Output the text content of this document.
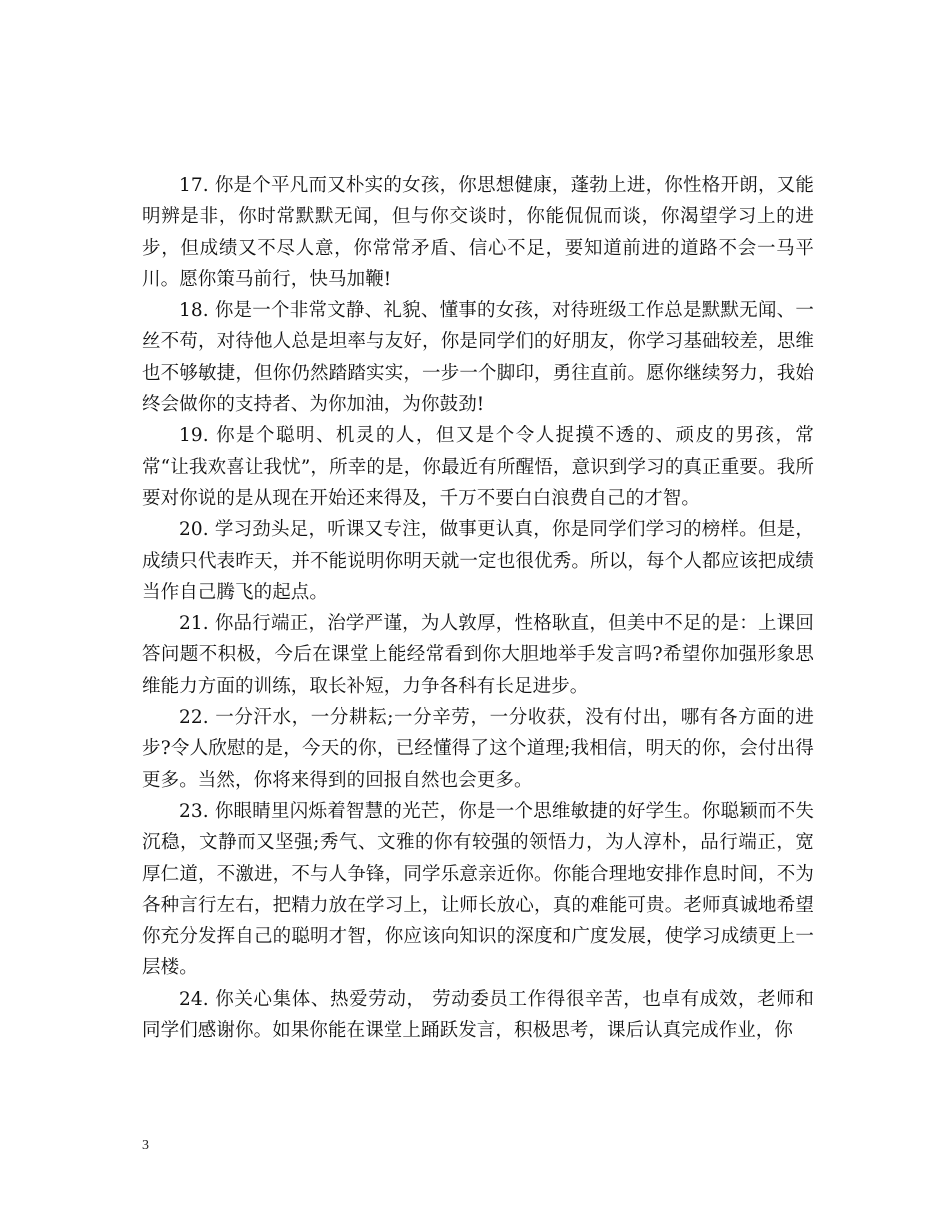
17. 你是个平凡而又朴实的女孩，你思想健康，蓬勃上进，你性格开朗，又能明辨是非，你时常默默无闻，但与你交谈时，你能侃侃而谈，你渴望学习上的进步，但成绩又不尽人意，你常常矛盾、信心不足，要知道前进的道路不会一马平川。愿你策马前行，快马加鞭!

18. 你是一个非常文静、礼貌、懂事的女孩，对待班级工作总是默默无闻、一丝不苟，对待他人总是坦率与友好，你是同学们的好朋友，你学习基础较差，思维也不够敏捷，但你仍然踏踏实实，一步一个脚印，勇往直前。愿你继续努力，我始终会做你的支持者、为你加油，为你鼓劲!

19. 你是个聪明、机灵的人，但又是个令人捉摸不透的、顽皮的男孩，常常“让我欢喜让我忧”，所幸的是，你最近有所醒悟，意识到学习的真正重要。我所要对你说的是从现在开始还来得及，千万不要白白浪费自己的才智。

20. 学习劲头足，听课又专注，做事更认真，你是同学们学习的榜样。但是，成绩只代表昨天，并不能说明你明天就一定也很优秀。所以，每个人都应该把成绩当作自己腾飞的起点。

21. 你品行端正，治学严谨，为人敦厚，性格耿直，但美中不足的是：上课回答问题不积极，今后在课堂上能经常看到你大胆地举手发言吗?希望你加强形象思维能力方面的训练，取长补短，力争各科有长足进步。

22. 一分汗水，一分耕耘;一分辛劳，一分收获，没有付出，哪有各方面的进步?令人欣慰的是，今天的你，已经懂得了这个道理;我相信，明天的你，会付出得更多。当然，你将来得到的回报自然也会更多。

23. 你眼睛里闪烁着智慧的光芒，你是一个思维敏捷的好学生。你聪颖而不失沉稳，文静而又坚强;秀气、文雅的你有较强的领悟力，为人淳朴，品行端正，宽厚仁道，不激进，不与人争锋，同学乐意亲近你。你能合理地安排作息时间，不为各种言行左右，把精力放在学习上，让师长放心，真的难能可贵。老师真诚地希望你充分发挥自己的聪明才智，你应该向知识的深度和广度发展，使学习成绩更上一层楼。

24. 你关心集体、热爱劳动， 劳动委员工作得很辛苦，也卓有成效，老师和同学们感谢你。如果你能在课堂上踊跃发言，积极思考，课后认真完成作业，你

3
